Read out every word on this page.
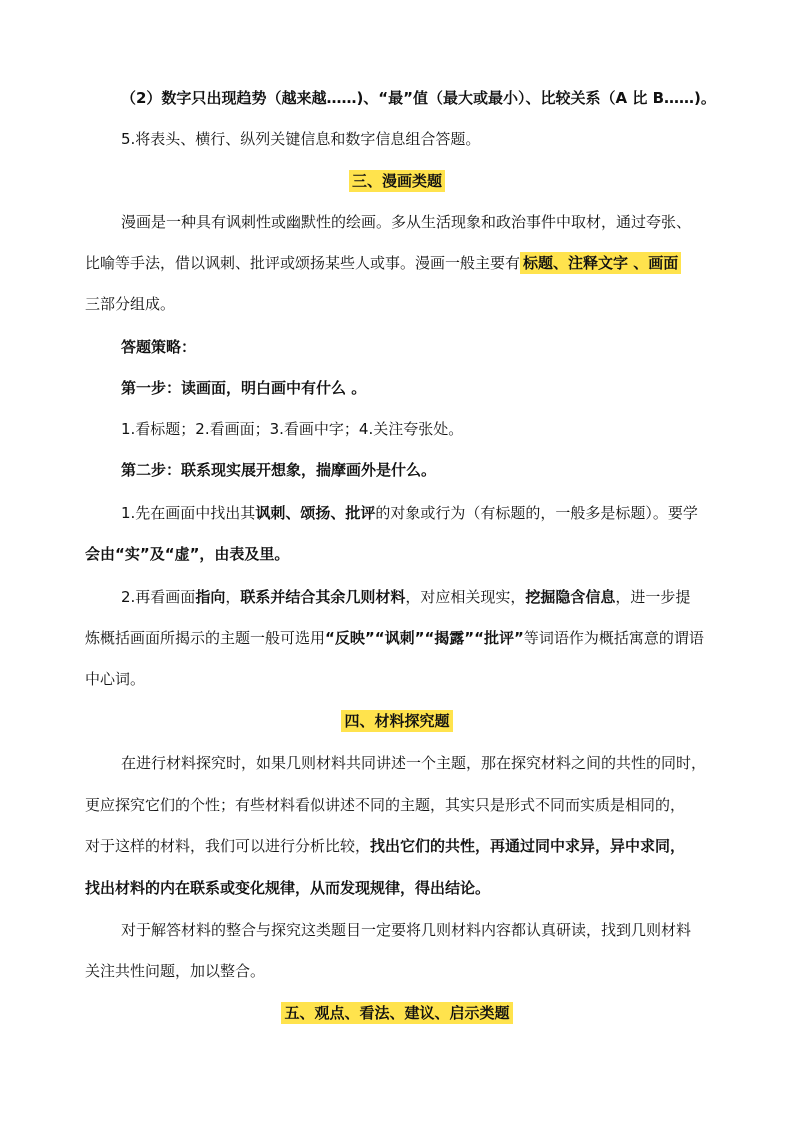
（2）数字只出现趋势（越来越……)、“最”值（最大或最小）、比较关系（A 比 B……)。
5.将表头、横行、纵列关键信息和数字信息组合答题。
三、漫画类题
漫画是一种具有讽刺性或幽默性的绘画。多从生活现象和政治事件中取材，通过夸张、
比喻等手法，借以讽刺、批评或颂扬某些人或事。漫画一般主要有 标题、注释文字 、画面
三部分组成。
答题策略：
第一步：读画面，明白画中有什么 。
1.看标题；2.看画面；3.看画中字；4.关注夸张处。
第二步：联系现实展开想象，揣摩画外是什么。
1.先在画面中找出其讽刺、颂扬、批评的对象或行为（有标题的，一般多是标题）。要学
会由“实”及“虚”，由表及里。
2.再看画面指向，联系并结合其余几则材料，对应相关现实，挖掘隐含信息，进一步提
炼概括画面所揭示的主题一般可选用“反映”“讽刺”“揭露”“批评”等词语作为概括寓意的谓语
中心词。
四、材料探究题
在进行材料探究时，如果几则材料共同讲述一个主题，那在探究材料之间的共性的同时，
更应探究它们的个性；有些材料看似讲述不同的主题，其实只是形式不同而实质是相同的，
对于这样的材料，我们可以进行分析比较，找出它们的共性，再通过同中求异，异中求同，
找出材料的内在联系或变化规律，从而发现规律，得出结论。
对于解答材料的整合与探究这类题目一定要将几则材料内容都认真研读，找到几则材料
关注共性问题，加以整合。
五、观点、看法、建议、启示类题
